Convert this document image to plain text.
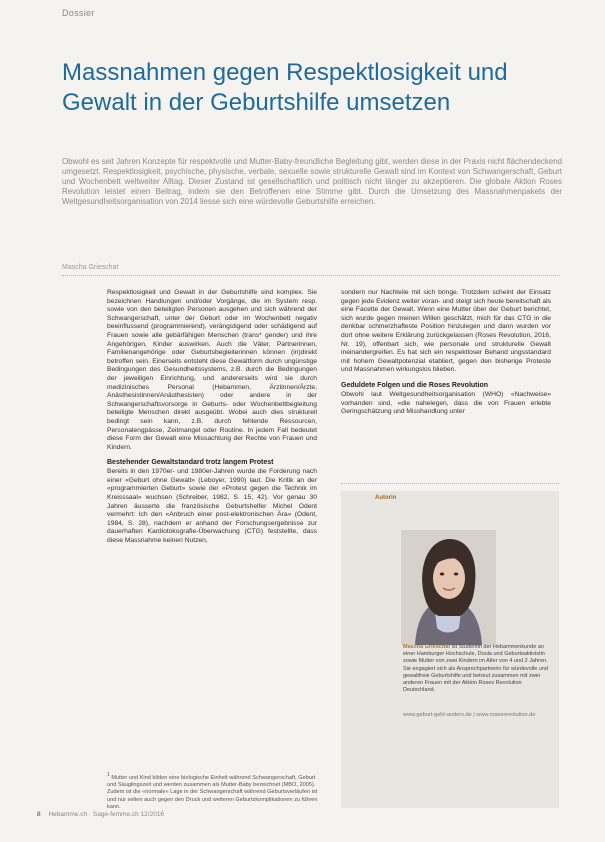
Dossier
Massnahmen gegen Respektlosigkeit und
Gewalt in der Geburtshilfe umsetzen

Obwohl es seit Jahren Konzepte für respektvolle und Mutter-Baby-freundliche Begleitung gibt, werden diese in der Praxis nicht flächendeckend umgesetzt. Respektlosigkeit, psychische, physische, verbale, sexuelle sowie strukturelle Gewalt sind im Kontext von Schwangerschaft, Geburt und Wochenbett weltweiter Alltag. Dieser Zustand ist gesellschaftlich und politisch nicht länger zu akzeptieren. Die globale Aktion Roses Revolution leistet einen Beitrag, indem sie den Betroffenen eine Stimme gibt. Durch die Umsetzung des Massnahmenpakets der Weltgesundheitsorganisation von 2014 liesse sich eine würdevolle Geburtshilfe erreichen.

Mascha Grieschat

Respektlosigkeit und Gewalt in der Geburtshilfe sind komplex. Sie bezeichnen Handlungen und/oder Vorgänge, die im System resp. sowie von den beteiligten Personen ausgehen und sich während der Schwangerschaft, unter der Geburt oder im Wochenbett negativ beeinflussend (programmierend), verängstigend oder schädigend auf Frauen sowie alle gebärfähigen Menschen (trans* gender) und ihre Angehörigen, Kinder auswirken. Auch die Väter, Partnerinnen, Familienangehörige oder Geburtsbegleiterinnen können (in)direkt betroffen sein. Einerseits entsteht diese Gewaltform durch ungünstige Bedingungen des Gesundheitssystems, z.B. durch die Bedingungen der jeweiligen Einrichtung, und andererseits wird sie durch medizinisches Personal (Hebammen, Ärztinnen/Ärzte, Anästhesistinnen/Anästhesisten) oder andere in der Schwangerschaftsvorsorge in Geburts- oder Wochenbettbegleitung beteiligte Menschen direkt ausgeübt. Wobei auch dies strukturell bedingt sein kann, z.B. durch fehlende Ressourcen, Personalengpässe, Zeitmangel oder Routine. In jedem Fall bedeutet diese Form der Gewalt eine Missachtung der Rechte von Frauen und Kindern.

Bestehender Gewaltstandard trotz langem Protest

Bereits in den 1970er- und 1980er-Jahren wurde die Forderung nach einer «Geburt ohne Gewalt» (Leboyer, 1990) laut. Die Kritik an der «programmierten Geburt» sowie der «Protest gegen die Technik im Kreisssaal» wuchsen (Schreiber, 1982, S. 15, 42). Vor genau 30 Jahren äusserte die französische Geburtshelfer Michel Odent vermehrt: Ich den «Anbruch einer post-elektronischen Ära» (Odent, 1984, S. 28), nachdem er anhand der Forschungsergebnisse zur dauerhaften Kardiotokografie-Überwachung (CTG) feststellte, dass diese Massnahme keinen Nutzen,

sondern nur Nachteile mit sich bringe. Trotzdem scheint der Einsatz gegen jede Evidenz weiter voran- und steigt sich heute bereitschaft als eine Facette der Gewalt. Wenn eine Mutter über der Geburt berichtet, sich wurde gegen meinen Willen geschätzt, mich für das CTG in die denkbar schmerzhafteste Position hinzulegen und dann wurden vor dort ohne weitere Erklärung zurückgelassen (Roses Revolution, 2016, Nr. 19), offenbart sich, wie personale und strukturelle Gewalt ineinandergreifen. Es hat sich ein respektloser Behand ungsstandard mit hohem Gewaltpotenzial etabliert, gegen den bisherige Proteste und Massnahmen wirkungslos blieben.

Geduldete Folgen und die Roses Revolution

Obwohl laut Weltgesundheitsorganisation (WHO) «Nachweise» vorhanden sind, «die nahelegen, dass die von Frauen erlebte Geringschätzung und Misshandlung unter

$^1$ Mutter und Kind bilden eine biologische Einheit während Schwangerschaft, Geburt und Säuglingszeit und werden zusammen als Mutter-Baby bezeichnet (MBO, 2005). Zudem ist die «normale» Lage in der Schwangerschaft während Geburtsverläufen ist und nur selten auch gegen den Druck und weiteren Geburtskomplikationen zu führen kann.

Autorin

Mascha Grieschat ist Studentin der Hebammenkunde an einer Hamburger Hochschule, Doula und Geburtsaktivistin sowie Mutter von zwei Kindern im Alter von 4 und 2 Jahren. Sie engagiert sich als Ansprechpartnerin für würdevolle und gewaltfreie Geburtshilfe und betreut zusammen mit zwei anderen Frauen mit der Aktion Roses Revolution Deutschland.

www.geburt-geht-anders.de | www.rosesrevolution.de
8 Hebamme.ch · Sage-femme.ch 12/2016
